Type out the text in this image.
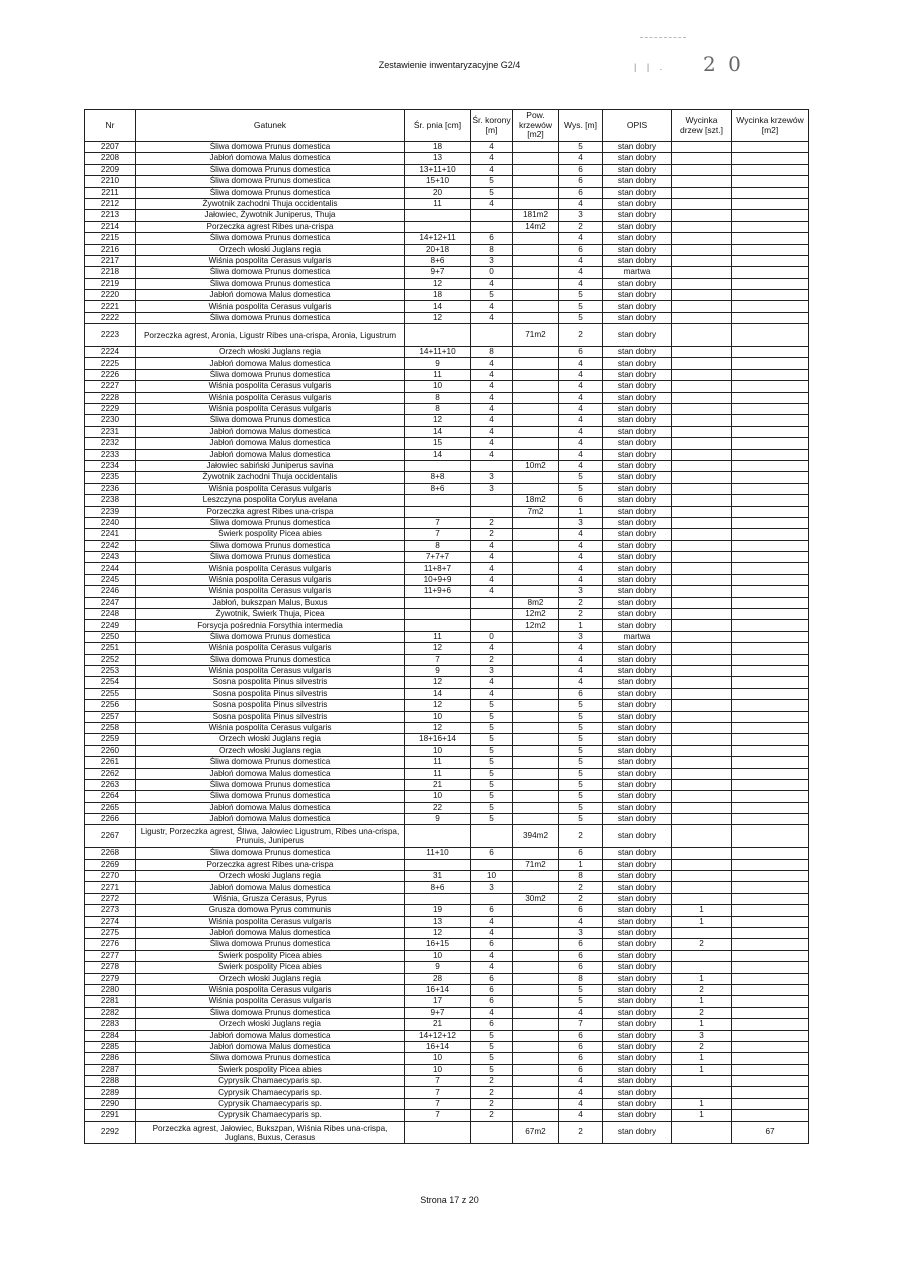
| | . 2 0
Zestawienie inwentaryzacyjne G2/4
Nr	Gatunek	Śr. pnia [cm]	Śr. korony [m]	Pow. krzewów [m2]	Wys. [m]	OPIS	Wycinka drzew [szt.]	Wycinka krzewów [m2]
2207	Śliwa domowa Prunus domestica	18	4		5	stan dobry		
2208	Jabłoń domowa Malus domestica	13	4		4	stan dobry		
2209	Śliwa domowa Prunus domestica	13+11+10	4		6	stan dobry		
2210	Śliwa domowa Prunus domestica	15+10	5		6	stan dobry		
2211	Śliwa domowa Prunus domestica	20	5		6	stan dobry		
2212	Żywotnik zachodni Thuja occidentalis	11	4		4	stan dobry		
2213	Jałowiec, Żywotnik Juniperus, Thuja			181m2	3	stan dobry		
2214	Porzeczka agrest Ribes una-crispa			14m2	2	stan dobry		
2215	Śliwa domowa Prunus domestica	14+12+11	6		4	stan dobry		
2216	Orzech włoski Juglans regia	20+18	8		6	stan dobry		
2217	Wiśnia pospolita Cerasus vulgaris	8+6	3		4	stan dobry		
2218	Śliwa domowa Prunus domestica	9+7	0		4	martwa		
2219	Śliwa domowa Prunus domestica	12	4		4	stan dobry		
2220	Jabłoń domowa Malus domestica	18	5		5	stan dobry		
2221	Wiśnia pospolita Cerasus vulgaris	14	4		5	stan dobry		
2222	Śliwa domowa Prunus domestica	12	4		5	stan dobry		
2223	Porzeczka agrest, Aronia, Ligustr Ribes una-crispa, Aronia, Ligustrum			71m2	2	stan dobry		
2224	Orzech włoski Juglans regia	14+11+10	8		6	stan dobry		
2225	Jabłoń domowa Malus domestica	9	4		4	stan dobry		
2226	Śliwa domowa Prunus domestica	11	4		4	stan dobry		
2227	Wiśnia pospolita Cerasus vulgaris	10	4		4	stan dobry		
2228	Wiśnia pospolita Cerasus vulgaris	8	4		4	stan dobry		
2229	Wiśnia pospolita Cerasus vulgaris	8	4		4	stan dobry		
2230	Śliwa domowa Prunus domestica	12	4		4	stan dobry		
2231	Jabłoń domowa Malus domestica	14	4		4	stan dobry		
2232	Jabłoń domowa Malus domestica	15	4		4	stan dobry		
2233	Jabłoń domowa Malus domestica	14	4		4	stan dobry		
2234	Jałowiec sabiński Juniperus savina			10m2	4	stan dobry		
2235	Żywotnik zachodni Thuja occidentalis	8+8	3		5	stan dobry		
2236	Wiśnia pospolita Cerasus vulgaris	8+6	3		5	stan dobry		
2238	Leszczyna pospolita Corylus avelana			18m2	6	stan dobry		
2239	Porzeczka agrest Ribes una-crispa			7m2	1	stan dobry		
2240	Śliwa domowa Prunus domestica	7	2		3	stan dobry		
2241	Świerk pospolity Picea abies	7	2		4	stan dobry		
2242	Śliwa domowa Prunus domestica	8	4		4	stan dobry		
2243	Śliwa domowa Prunus domestica	7+7+7	4		4	stan dobry		
2244	Wiśnia pospolita Cerasus vulgaris	11+8+7	4		4	stan dobry		
2245	Wiśnia pospolita Cerasus vulgaris	10+9+9	4		4	stan dobry		
2246	Wiśnia pospolita Cerasus vulgaris	11+9+6	4		3	stan dobry		
2247	Jabłoń, bukszpan Malus, Buxus			8m2	2	stan dobry		
2248	Żywotnik, Świerk Thuja, Picea			12m2	2	stan dobry		
2249	Forsycja pośrednia Forsythia intermedia			12m2	1	stan dobry		
2250	Śliwa domowa Prunus domestica	11	0		3	martwa		
2251	Wiśnia pospolita Cerasus vulgaris	12	4		4	stan dobry		
2252	Śliwa domowa Prunus domestica	7	2		4	stan dobry		
2253	Wiśnia pospolita Cerasus vulgaris	9	3		4	stan dobry		
2254	Sosna pospolita Pinus silvestris	12	4		4	stan dobry		
2255	Sosna pospolita Pinus silvestris	14	4		6	stan dobry		
2256	Sosna pospolita Pinus silvestris	12	5		5	stan dobry		
2257	Sosna pospolita Pinus silvestris	10	5		5	stan dobry		
2258	Wiśnia pospolita Cerasus vulgaris	12	5		5	stan dobry		
2259	Orzech włoski Juglans regia	18+16+14	5		5	stan dobry		
2260	Orzech włoski Juglans regia	10	5		5	stan dobry		
2261	Śliwa domowa Prunus domestica	11	5		5	stan dobry		
2262	Jabłoń domowa Malus domestica	11	5		5	stan dobry		
2263	Śliwa domowa Prunus domestica	21	5		5	stan dobry		
2264	Śliwa domowa Prunus domestica	10	5		5	stan dobry		
2265	Jabłoń domowa Malus domestica	22	5		5	stan dobry		
2266	Jabłoń domowa Malus domestica	9	5		5	stan dobry		
2267	Ligustr, Porzeczka agrest, Śliwa, Jałowiec Ligustrum, Ribes una-crispa, Prunuis, Juniperus			394m2	2	stan dobry		
2268	Śliwa domowa Prunus domestica	11+10	6		6	stan dobry		
2269	Porzeczka agrest Ribes una-crispa			71m2	1	stan dobry		
2270	Orzech włoski Juglans regia	31	10		8	stan dobry		
2271	Jabłoń domowa Malus domestica	8+6	3		2	stan dobry		
2272	Wiśnia, Grusza Cerasus, Pyrus			30m2	2	stan dobry		
2273	Grusza domowa Pyrus communis	19	6		6	stan dobry	1	
2274	Wiśnia pospolita Cerasus vulgaris	13	4		4	stan dobry	1	
2275	Jabłoń domowa Malus domestica	12	4		3	stan dobry		
2276	Śliwa domowa Prunus domestica	16+15	6		6	stan dobry	2	
2277	Świerk pospolity Picea abies	10	4		6	stan dobry		
2278	Świerk pospolity Picea abies	9	4		6	stan dobry		
2279	Orzech włoski Juglans regia	28	6		8	stan dobry	1	
2280	Wiśnia pospolita Cerasus vulgaris	16+14	6		5	stan dobry	2	
2281	Wiśnia pospolita Cerasus vulgaris	17	6		5	stan dobry	1	
2282	Śliwa domowa Prunus domestica	9+7	4		4	stan dobry	2	
2283	Orzech włoski Juglans regia	21	6		7	stan dobry	1	
2284	Jabłoń domowa Malus domestica	14+12+12	5		6	stan dobry	3	
2285	Jabłoń domowa Malus domestica	16+14	5		6	stan dobry	2	
2286	Śliwa domowa Prunus domestica	10	5		6	stan dobry	1	
2287	Świerk pospolity Picea abies	10	5		6	stan dobry	1	
2288	Cyprysik Chamaecyparis sp.	7	2		4	stan dobry		
2289	Cyprysik Chamaecyparis sp.	7	2		4	stan dobry		
2290	Cyprysik Chamaecyparis sp.	7	2		4	stan dobry	1	
2291	Cyprysik Chamaecyparis sp.	7	2		4	stan dobry	1	
2292	Porzeczka agrest, Jałowiec, Bukszpan, Wiśnia Ribes una-crispa, Juglans, Buxus, Cerasus			67m2	2	stan dobry		67
Strona 17 z 20
